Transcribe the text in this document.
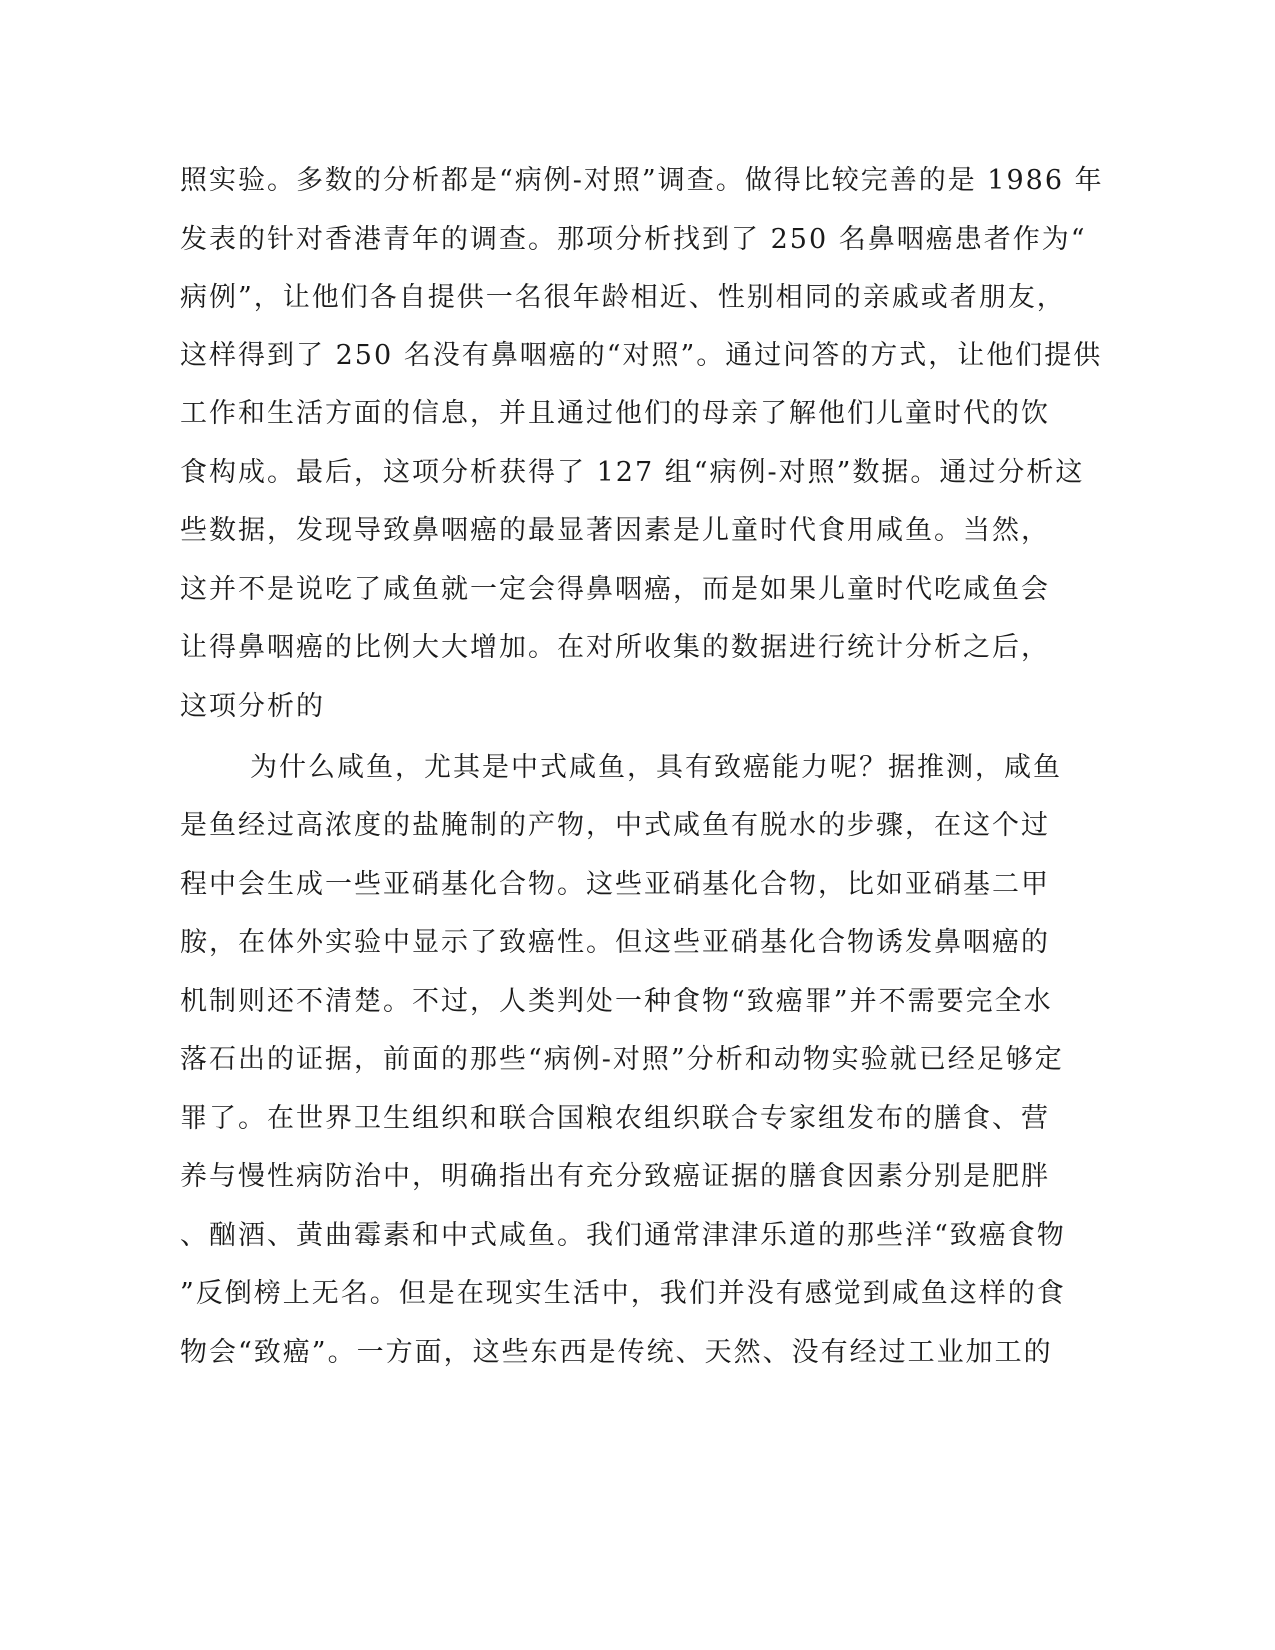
照实验。多数的分析都是“病例-对照”调查。做得比较完善的是 1986 年
发表的针对香港青年的调查。那项分析找到了 250 名鼻咽癌患者作为“
病例”，让他们各自提供一名很年龄相近、性别相同的亲戚或者朋友，
这样得到了 250 名没有鼻咽癌的“对照”。通过问答的方式，让他们提供
工作和生活方面的信息，并且通过他们的母亲了解他们儿童时代的饮
食构成。最后，这项分析获得了 127 组“病例-对照”数据。通过分析这
些数据，发现导致鼻咽癌的最显著因素是儿童时代食用咸鱼。当然，
这并不是说吃了咸鱼就一定会得鼻咽癌，而是如果儿童时代吃咸鱼会
让得鼻咽癌的比例大大增加。在对所收集的数据进行统计分析之后，
这项分析的
为什么咸鱼，尤其是中式咸鱼，具有致癌能力呢？据推测，咸鱼
是鱼经过高浓度的盐腌制的产物，中式咸鱼有脱水的步骤，在这个过
程中会生成一些亚硝基化合物。这些亚硝基化合物，比如亚硝基二甲
胺，在体外实验中显示了致癌性。但这些亚硝基化合物诱发鼻咽癌的
机制则还不清楚。不过，人类判处一种食物“致癌罪”并不需要完全水
落石出的证据，前面的那些“病例-对照”分析和动物实验就已经足够定
罪了。在世界卫生组织和联合国粮农组织联合专家组发布的膳食、营
养与慢性病防治中，明确指出有充分致癌证据的膳食因素分别是肥胖
、酗酒、黄曲霉素和中式咸鱼。我们通常津津乐道的那些洋“致癌食物
”反倒榜上无名。但是在现实生活中，我们并没有感觉到咸鱼这样的食
物会“致癌”。一方面，这些东西是传统、天然、没有经过工业加工的
